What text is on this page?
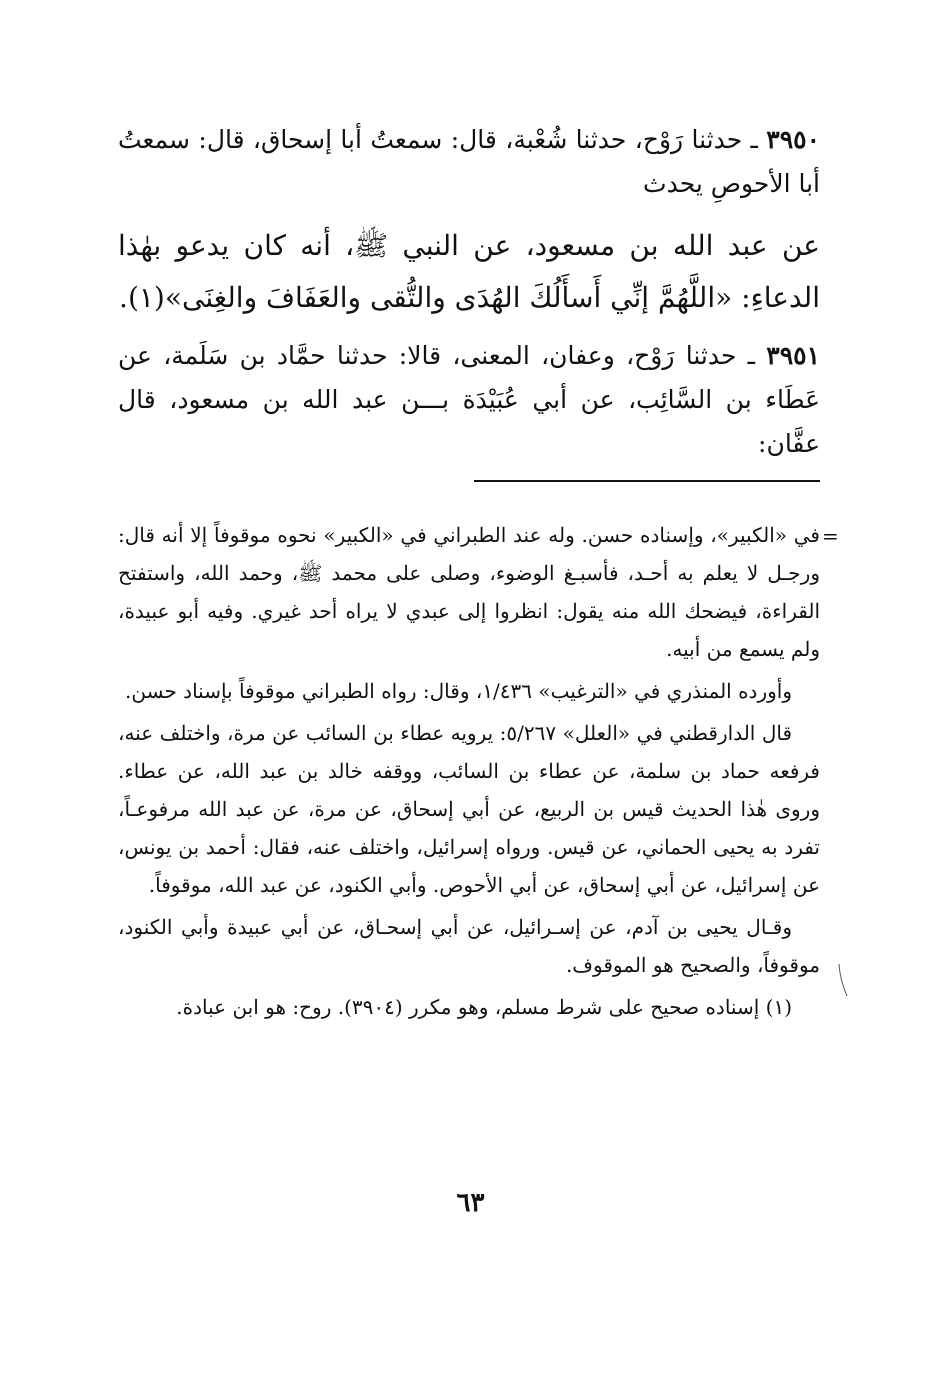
٣٩٥٠ ـ حدثنا رَوْح، حدثنا شُعْبة، قال: سمعتُ أبا إسحاق، قال: سمعتُ أبا الأحوصِ يحدث

عن عبد الله بن مسعود، عن النبي ﷺ، أنه كان يدعو بهٰذا الدعاءِ: «اللَّهُمَّ إنِّي أَسأَلُكَ الهُدَى والتُّقى والعَفَافَ والغِنَى»(١).

٣٩٥١ ـ حدثنا رَوْح، وعفان، المعنى، قالا: حدثنا حمَّاد بن سَلَمة، عن عَطَاء بن السَّائِب، عن أبي عُبَيْدَة بـــن عبد الله بن مسعود، قال عفَّان:

=

في «الكبير»، وإسناده حسن. وله عند الطبراني في «الكبير» نحوه موقوفاً إلا أنه قال: ورجـل لا يعلم به أحـد، فأسبـغ الوضوء، وصلى على محمد ﷺ، وحمد الله، واستفتح القراءة، فيضحك الله منه يقول: انظروا إلى عبدي لا يراه أحد غيري. وفيه أبو عبيدة، ولم يسمع من أبيه.

وأورده المنذري في «الترغيب» ١/٤٣٦، وقال: رواه الطبراني موقوفاً بإسناد حسن.

قال الدارقطني في «العلل» ٥/٢٦٧: يرويه عطاء بن السائب عن مرة، واختلف عنه، فرفعه حماد بن سلمة، عن عطاء بن السائب، ووقفه خالد بن عبد الله، عن عطاء. وروى هٰذا الحديث قيس بن الربيع، عن أبي إسحاق، عن مرة، عن عبد الله مرفوعـاً، تفرد به يحيى الحماني، عن قيس. ورواه إسرائيل، واختلف عنه، فقال: أحمد بن يونس، عن إسرائيل، عن أبي إسحاق، عن أبي الأحوص. وأبي الكنود، عن عبد الله، موقوفاً.

وقـال يحيى بن آدم، عن إسـرائيل، عن أبي إسحـاق، عن أبي عبيدة وأبي الكنود، موقوفاً، والصحيح هو الموقوف.

(١) إسناده صحيح على شرط مسلم، وهو مكرر (٣٩٠٤). روح: هو ابن عبادة.

٦٣
